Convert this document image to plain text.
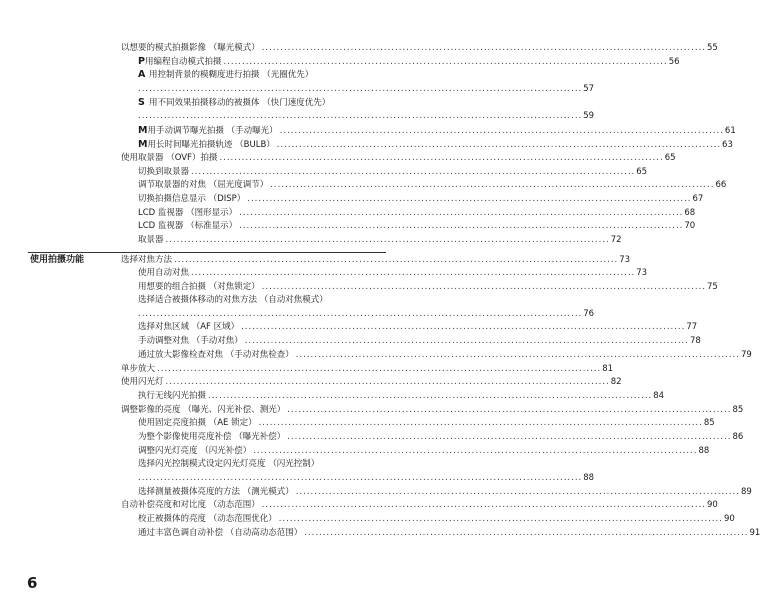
以想要的模式拍摄影像 （曝光模式） ........................................................................................................................ 55
P 用编程自动模式拍摄 ........................................................................................................................ 56
A 用控制背景的模糊度进行拍摄 （光圈优先）
........................................................................................................................ 57
S 用不同效果拍摄移动的被摄体 （快门速度优先）
........................................................................................................................ 59
M 用手动调节曝光拍摄 （手动曝光） ........................................................................................................................ 61
M 用长时间曝光拍摄轨迹 （BULB） ........................................................................................................................ 63
使用取景器 （OVF）拍摄 ........................................................................................................................ 65
切换到取景器 ........................................................................................................................ 65
调节取景器的对焦 （屈光度调节） ........................................................................................................................ 66
切换拍摄信息显示 （DISP） ........................................................................................................................ 67
LCD 监视器 （图形显示） ........................................................................................................................ 68
LCD 监视器 （标准显示） ........................................................................................................................ 70
取景器 ........................................................................................................................ 72
选择对焦方法 ........................................................................................................................ 73
使用自动对焦 ........................................................................................................................ 73
用想要的组合拍摄 （对焦锁定） ........................................................................................................................ 75
选择适合被摄体移动的对焦方法 （自动对焦模式）
........................................................................................................................ 76
选择对焦区域 （AF 区域） ........................................................................................................................ 77
手动调整对焦 （手动对焦） ........................................................................................................................ 78
通过放大影像检查对焦 （手动对焦检查） ........................................................................................................................ 79
单步放大 ........................................................................................................................ 81
使用闪光灯 ........................................................................................................................ 82
执行无线闪光拍摄 ........................................................................................................................ 84
调整影像的亮度 （曝光、闪光补偿、测光） ........................................................................................................................ 85
使用固定亮度拍摄 （AE 锁定） ........................................................................................................................ 85
为整个影像使用亮度补偿 （曝光补偿） ........................................................................................................................ 86
调整闪光灯亮度 （闪光补偿） ........................................................................................................................ 88
选择闪光控制模式设定闪光灯亮度 （闪光控制）
........................................................................................................................ 88
选择测量被摄体亮度的方法 （测光模式） ........................................................................................................................ 89
自动补偿亮度和对比度 （动态范围） ........................................................................................................................ 90
校正被摄体的亮度 （动态范围优化） ........................................................................................................................ 90
通过丰富色调自动补偿 （自动高动态范围） ........................................................................................................................ 91
使用拍摄功能
6
